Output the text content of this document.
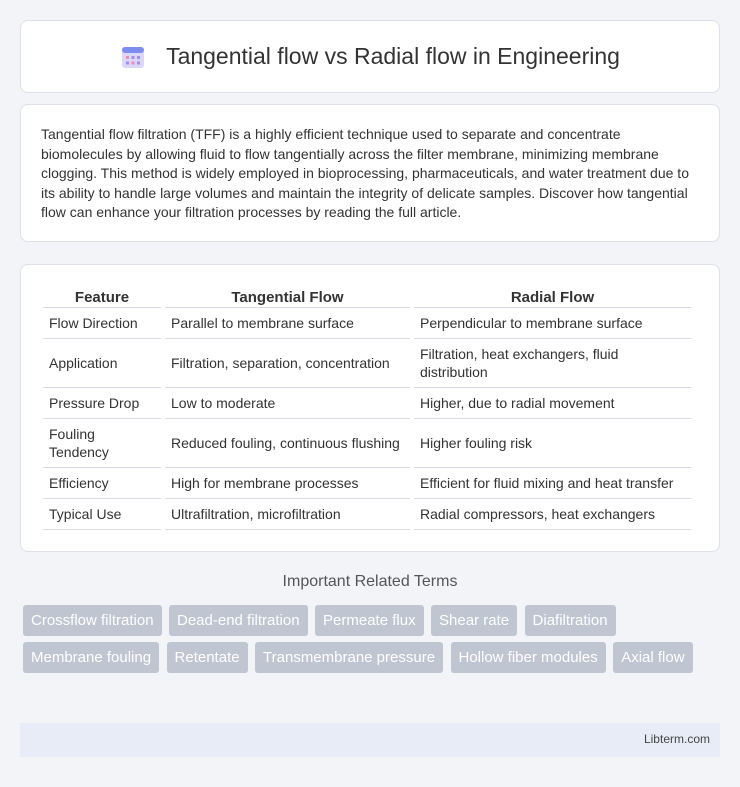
Tangential flow vs Radial flow in Engineering

Tangential flow filtration (TFF) is a highly efficient technique used to separate and concentrate biomolecules by allowing fluid to flow tangentially across the filter membrane, minimizing membrane clogging. This method is widely employed in bioprocessing, pharmaceuticals, and water treatment due to its ability to handle large volumes and maintain the integrity of delicate samples. Discover how tangential flow can enhance your filtration processes by reading the full article.

Feature	Tangential Flow	Radial Flow
Flow Direction	Parallel to membrane surface	Perpendicular to membrane surface
Application	Filtration, separation, concentration	Filtration, heat exchangers, fluid distribution
Pressure Drop	Low to moderate	Higher, due to radial movement
Fouling Tendency	Reduced fouling, continuous flushing	Higher fouling risk
Efficiency	High for membrane processes	Efficient for fluid mixing and heat transfer
Typical Use	Ultrafiltration, microfiltration	Radial compressors, heat exchangers
Important Related Terms
Crossflow filtration Dead-end filtration Permeate flux Shear rate Diafiltration Membrane fouling Retentate Transmembrane pressure Hollow fiber modules Axial flow
Libterm.com
